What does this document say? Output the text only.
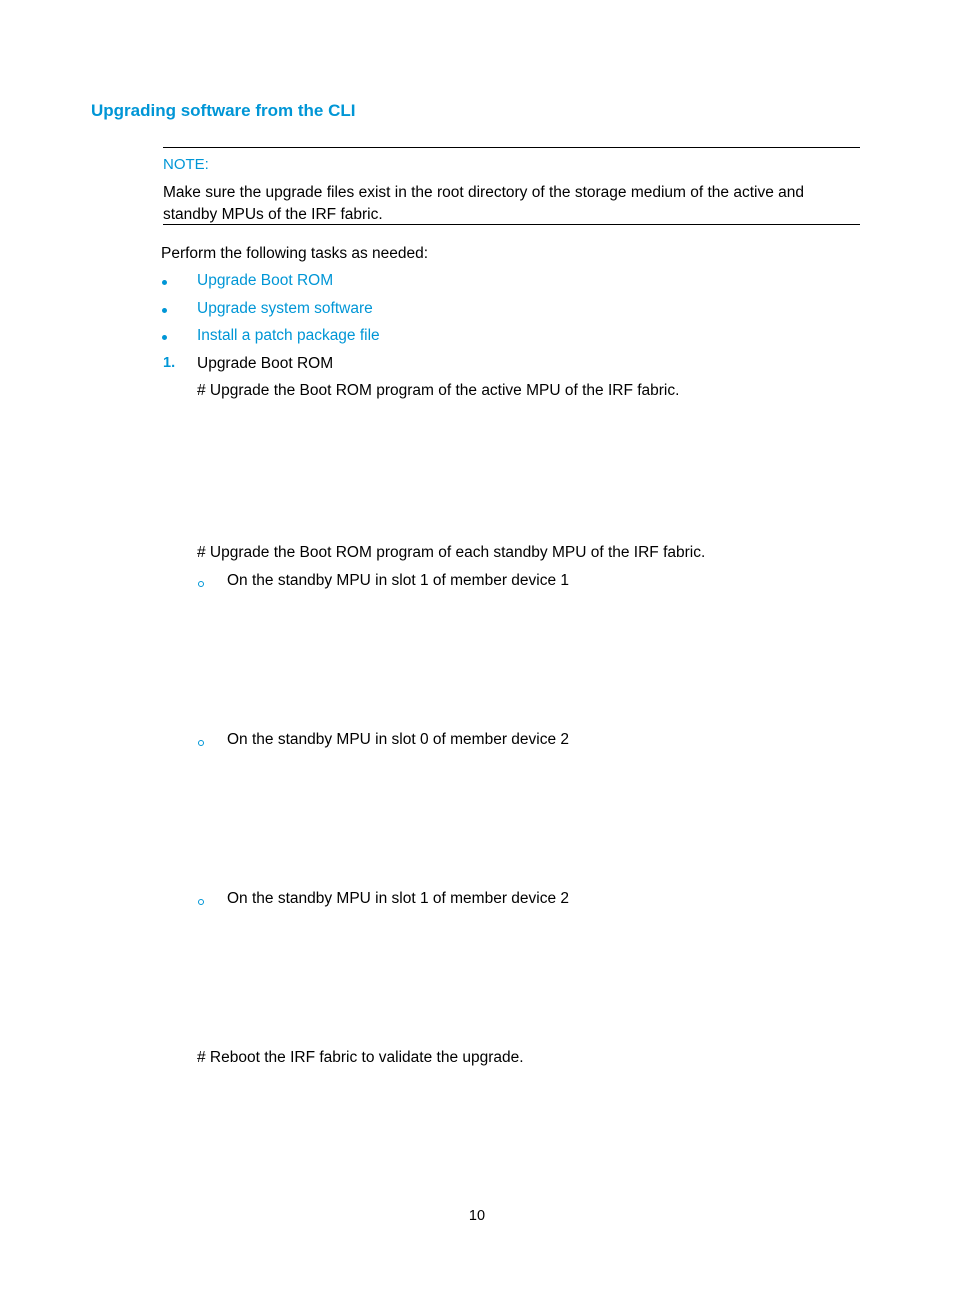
Upgrading software from the CLI
NOTE:
Make sure the upgrade files exist in the root directory of the storage medium of the active and standby MPUs of the IRF fabric.
Perform the following tasks as needed:
Upgrade Boot ROM
Upgrade system software
Install a patch package file
1. Upgrade Boot ROM
# Upgrade the Boot ROM program of the active MPU of the IRF fabric.
# Upgrade the Boot ROM program of each standby MPU of the IRF fabric.
On the standby MPU in slot 1 of member device 1
On the standby MPU in slot 0 of member device 2
On the standby MPU in slot 1 of member device 2
# Reboot the IRF fabric to validate the upgrade.
10
